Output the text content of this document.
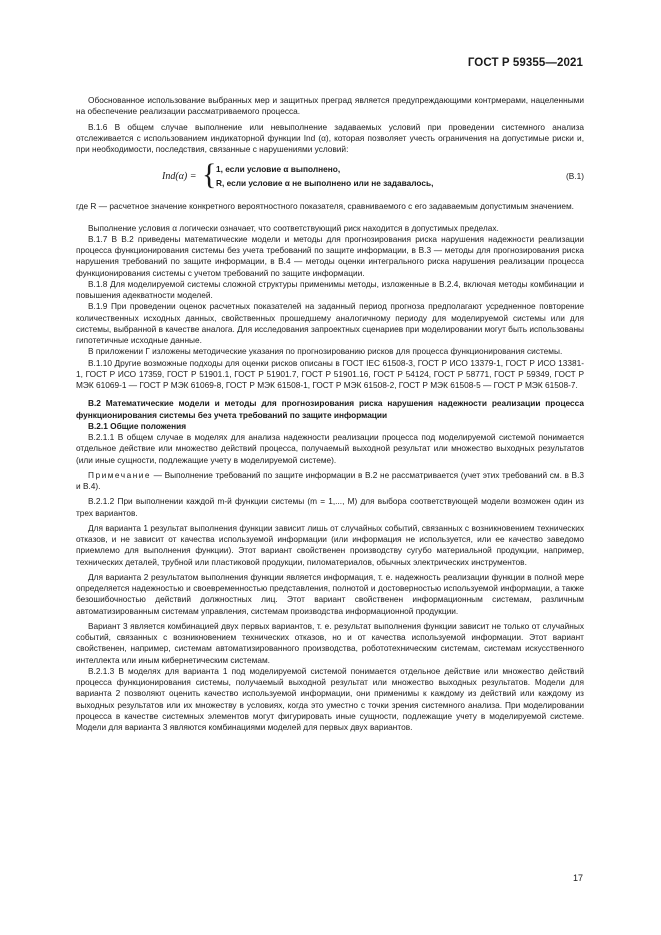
ГОСТ Р 59355—2021

Обоснованное использование выбранных мер и защитных преград является предупреждающими контрмерами, нацеленными на обеспечение реализации рассматриваемого процесса.

В.1.6 В общем случае выполнение или невыполнение задаваемых условий при проведении системного анализа отслеживается с использованием индикаторной функции Ind (α), которая позволяет учесть ограничения на допустимые риски и, при необходимости, последствия, связанные с нарушениями условий:

Ind(α) = { 1, если условие α выполнено,
R, если условие α не выполнено или не задавалось,
(В.1)

где R — расчетное значение конкретного вероятностного показателя, сравниваемого с его задаваемым допустимым значением.

Выполнение условия α логически означает, что соответствующий риск находится в допустимых пределах.

В.1.7 В В.2 приведены математические модели и методы для прогнозирования риска нарушения надежности реализации процесса функционирования системы без учета требований по защите информации, в В.3 — методы для прогнозирования риска нарушения требований по защите информации, в В.4 — методы оценки интегрального риска нарушения реализации процесса функционирования системы с учетом требований по защите информации.

В.1.8 Для моделируемой системы сложной структуры применимы методы, изложенные в В.2.4, включая методы комбинации и повышения адекватности моделей.

В.1.9 При проведении оценок расчетных показателей на заданный период прогноза предполагают усредненное повторение количественных исходных данных, свойственных прошедшему аналогичному периоду для моделируемой системы или для системы, выбранной в качестве аналога. Для исследования запроектных сценариев при моделировании могут быть использованы гипотетичные исходные данные.

В приложении Г изложены методические указания по прогнозированию рисков для процесса функционирования системы.

В.1.10 Другие возможные подходы для оценки рисков описаны в ГОСТ IEC 61508-3, ГОСТ Р ИСО 13379-1, ГОСТ Р ИСО 13381-1, ГОСТ Р ИСО 17359, ГОСТ Р 51901.1, ГОСТ Р 51901.7, ГОСТ Р 51901.16, ГОСТ Р 54124, ГОСТ Р 58771, ГОСТ Р 59349, ГОСТ Р МЭК 61069-1 — ГОСТ Р МЭК 61069-8, ГОСТ Р МЭК 61508-1, ГОСТ Р МЭК 61508-2, ГОСТ Р МЭК 61508-5 — ГОСТ Р МЭК 61508-7.

В.2 Математические модели и методы для прогнозирования риска нарушения надежности реализации процесса функционирования системы без учета требований по защите информации

В.2.1 Общие положения

В.2.1.1 В общем случае в моделях для анализа надежности реализации процесса под моделируемой системой понимается отдельное действие или множество действий процесса, получаемый выходной результат или множество выходных результатов (или иные сущности, подлежащие учету в моделируемой системе).

Примечание — Выполнение требований по защите информации в В.2 не рассматривается (учет этих требований см. в В.3 и В.4).

В.2.1.2 При выполнении каждой m-й функции системы (m = 1,..., M) для выбора соответствующей модели возможен один из трех вариантов.

Для варианта 1 результат выполнения функции зависит лишь от случайных событий, связанных с возникновением технических отказов, и не зависит от качества используемой информации (или информация не используется, или ее качество заведомо приемлемо для выполнения функции). Этот вариант свойственен производству сугубо материальной продукции, например, технических деталей, трубной или пластиковой продукции, пиломатериалов, обычных электрических инструментов.

Для варианта 2 результатом выполнения функции является информация, т. е. надежность реализации функции в полной мере определяется надежностью и своевременностью представления, полнотой и достоверностью используемой информации, а также безошибочностью действий должностных лиц. Этот вариант свойственен информационным системам, различным автоматизированным системам управления, системам производства информационной продукции.

Вариант 3 является комбинацией двух первых вариантов, т. е. результат выполнения функции зависит не только от случайных событий, связанных с возникновением технических отказов, но и от качества используемой информации. Этот вариант свойственен, например, системам автоматизированного производства, робототехническим системам, системам искусственного интеллекта или иным кибернетическим системам.

В.2.1.3 В моделях для варианта 1 под моделируемой системой понимается отдельное действие или множество действий процесса функционирования системы, получаемый выходной результат или множество выходных результатов. Модели для варианта 2 позволяют оценить качество используемой информации, они применимы к каждому из действий или каждому из выходных результатов или их множеству в условиях, когда это уместно с точки зрения системного анализа. При моделировании процесса в качестве системных элементов могут фигурировать иные сущности, подлежащие учету в моделируемой системе. Модели для варианта 3 являются комбинациями моделей для первых двух вариантов.

17
